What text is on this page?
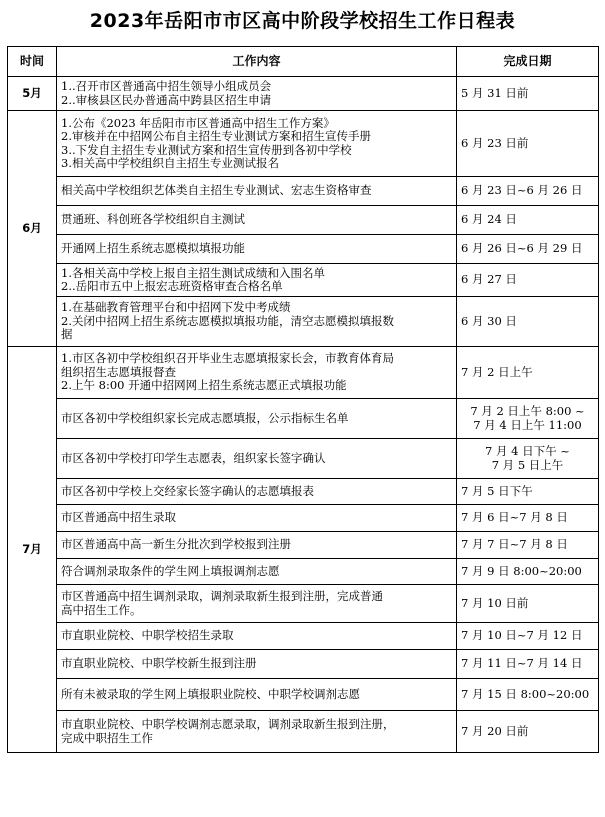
2023年岳阳市市区高中阶段学校招生工作日程表
时间	工作内容	完成日期
5月	1..召开市区普通高中招生领导小组成员会
2..审核县区民办普通高中跨县区招生申请	5 月 31 日前

6月	1.公布《2023 年岳阳市市区普通高中招生工作方案》
2.审核并在中招网公布自主招生专业测试方案和招生宣传手册
3..下发自主招生专业测试方案和招生宣传册到各初中学校
3.相关高中学校组织自主招生专业测试报名	6 月 23 日前

	相关高中学校组织艺体类自主招生专业测试、宏志生资格审查	6 月 23 日~6 月 26 日

	贯通班、科创班各学校组织自主测试	6 月 24 日

	开通网上招生系统志愿模拟填报功能	6 月 26 日~6 月 29 日

	1.各相关高中学校上报自主招生测试成绩和入围名单
2..岳阳市五中上报宏志班资格审查合格名单	6 月 27 日

	1.在基础教育管理平台和中招网下发中考成绩
2.关闭中招网上招生系统志愿模拟填报功能，清空志愿模拟填报数
据	6 月 30 日

7月	1.市区各初中学校组织召开毕业生志愿填报家长会，市教育体育局
组织招生志愿填报督查
2.上午 8:00 开通中招网网上招生系统志愿正式填报功能	7 月 2 日上午

	市区各初中学校组织家长完成志愿填报，公示指标生名单	7 月 2 日上午 8:00 ~
7 月 4 日上午 11:00

	市区各初中学校打印学生志愿表，组织家长签字确认	7 月 4 日下午 ~
7 月 5 日上午

	市区各初中学校上交经家长签字确认的志愿填报表	7 月 5 日下午

	市区普通高中招生录取	7 月 6 日~7 月 8 日

	市区普通高中高一新生分批次到学校报到注册	7 月 7 日~7 月 8 日

	符合调剂录取条件的学生网上填报调剂志愿	7 月 9 日 8:00~20:00

	市区普通高中招生调剂录取，调剂录取新生报到注册，完成普通
高中招生工作。	7 月 10 日前

	市直职业院校、中职学校招生录取	7 月 10 日~7 月 12 日

	市直职业院校、中职学校新生报到注册	7 月 11 日~7 月 14 日

	所有未被录取的学生网上填报职业院校、中职学校调剂志愿	7 月 15 日 8:00~20:00

	市直职业院校、中职学校调剂志愿录取，调剂录取新生报到注册，
完成中职招生工作	7 月 20 日前
